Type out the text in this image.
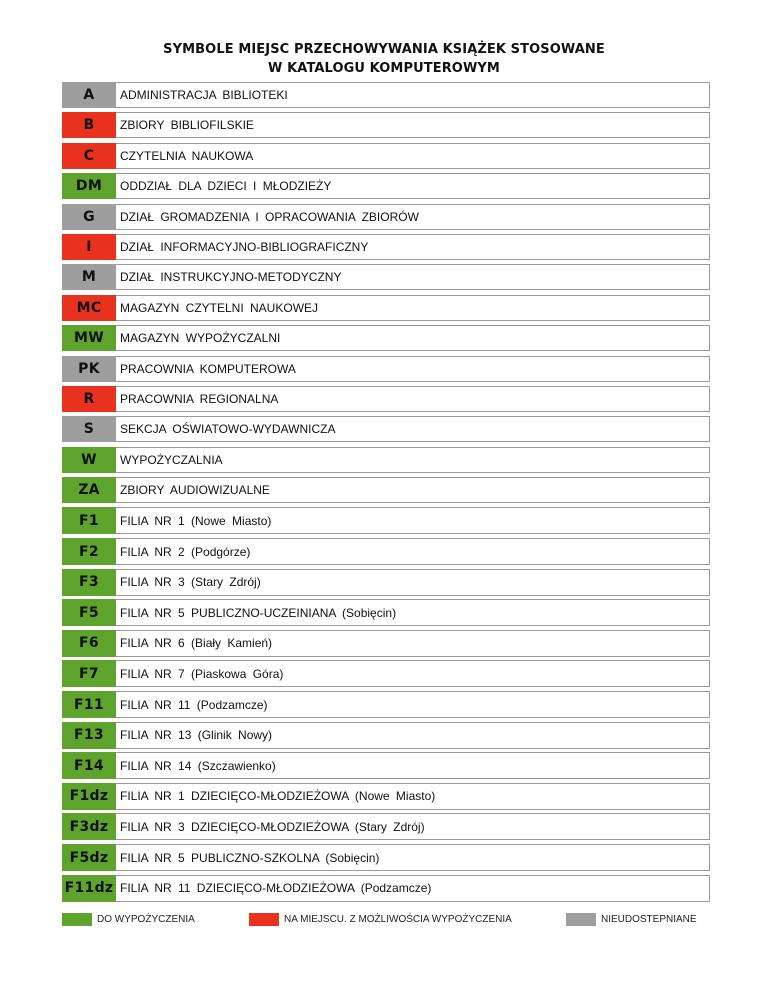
SYMBOLE MIEJSC PRZECHOWYWANIA KSIĄŻEK STOSOWANE
W KATALOGU KOMPUTEROWYM
A	ADMINISTRACJA BIBLIOTEKI
B	ZBIORY BIBLIOFILSKIE
C	CZYTELNIA NAUKOWA
DM	ODDZIAŁ DLA DZIECI I MŁODZIEŻY
G	DZIAŁ GROMADZENIA I OPRACOWANIA ZBIORÓW
I	DZIAŁ INFORMACYJNO-BIBLIOGRAFICZNY
M	DZIAŁ INSTRUKCYJNO-METODYCZNY
MC	MAGAZYN CZYTELNI NAUKOWEJ
MW	MAGAZYN WYPOŻYCZALNI
PK	PRACOWNIA KOMPUTEROWA
R	PRACOWNIA REGIONALNA
S	SEKCJA OŚWIATOWO-WYDAWNICZA
W	WYPOŻYCZALNIA
ZA	ZBIORY AUDIOWIZUALNE
F1	FILIA NR 1 (Nowe Miasto)
F2	FILIA NR 2 (Podgórze)
F3	FILIA NR 3 (Stary Zdrój)
F5	FILIA NR 5 PUBLICZNO-UCZEINIANA (Sobięcin)
F6	FILIA NR 6 (Biały Kamień)
F7	FILIA NR 7 (Piaskowa Góra)
F11	FILIA NR 11 (Podzamcze)
F13	FILIA NR 13 (Glinik Nowy)
F14	FILIA NR 14 (Szczawienko)
F1dz FILIA NR 1 DZIECIĘCO-MŁODZIEŻOWA (Nowe Miasto)
F3dz FILIA NR 3 DZIECIĘCO-MŁODZIEŻOWA (Stary Zdrój)
F5dz FILIA NR 5 PUBLICZNO-SZKOLNA (Sobięcin)
F11dz FILIA NR 11 DZIECIĘCO-MŁODZIEŻOWA (Podzamcze)
DO WYPOŻYCZENIA	NA MIEJSCU. Z MOŻLIWOŚCIA WYPOŻYCZENIA	NIEUDOSTEPNIANE
